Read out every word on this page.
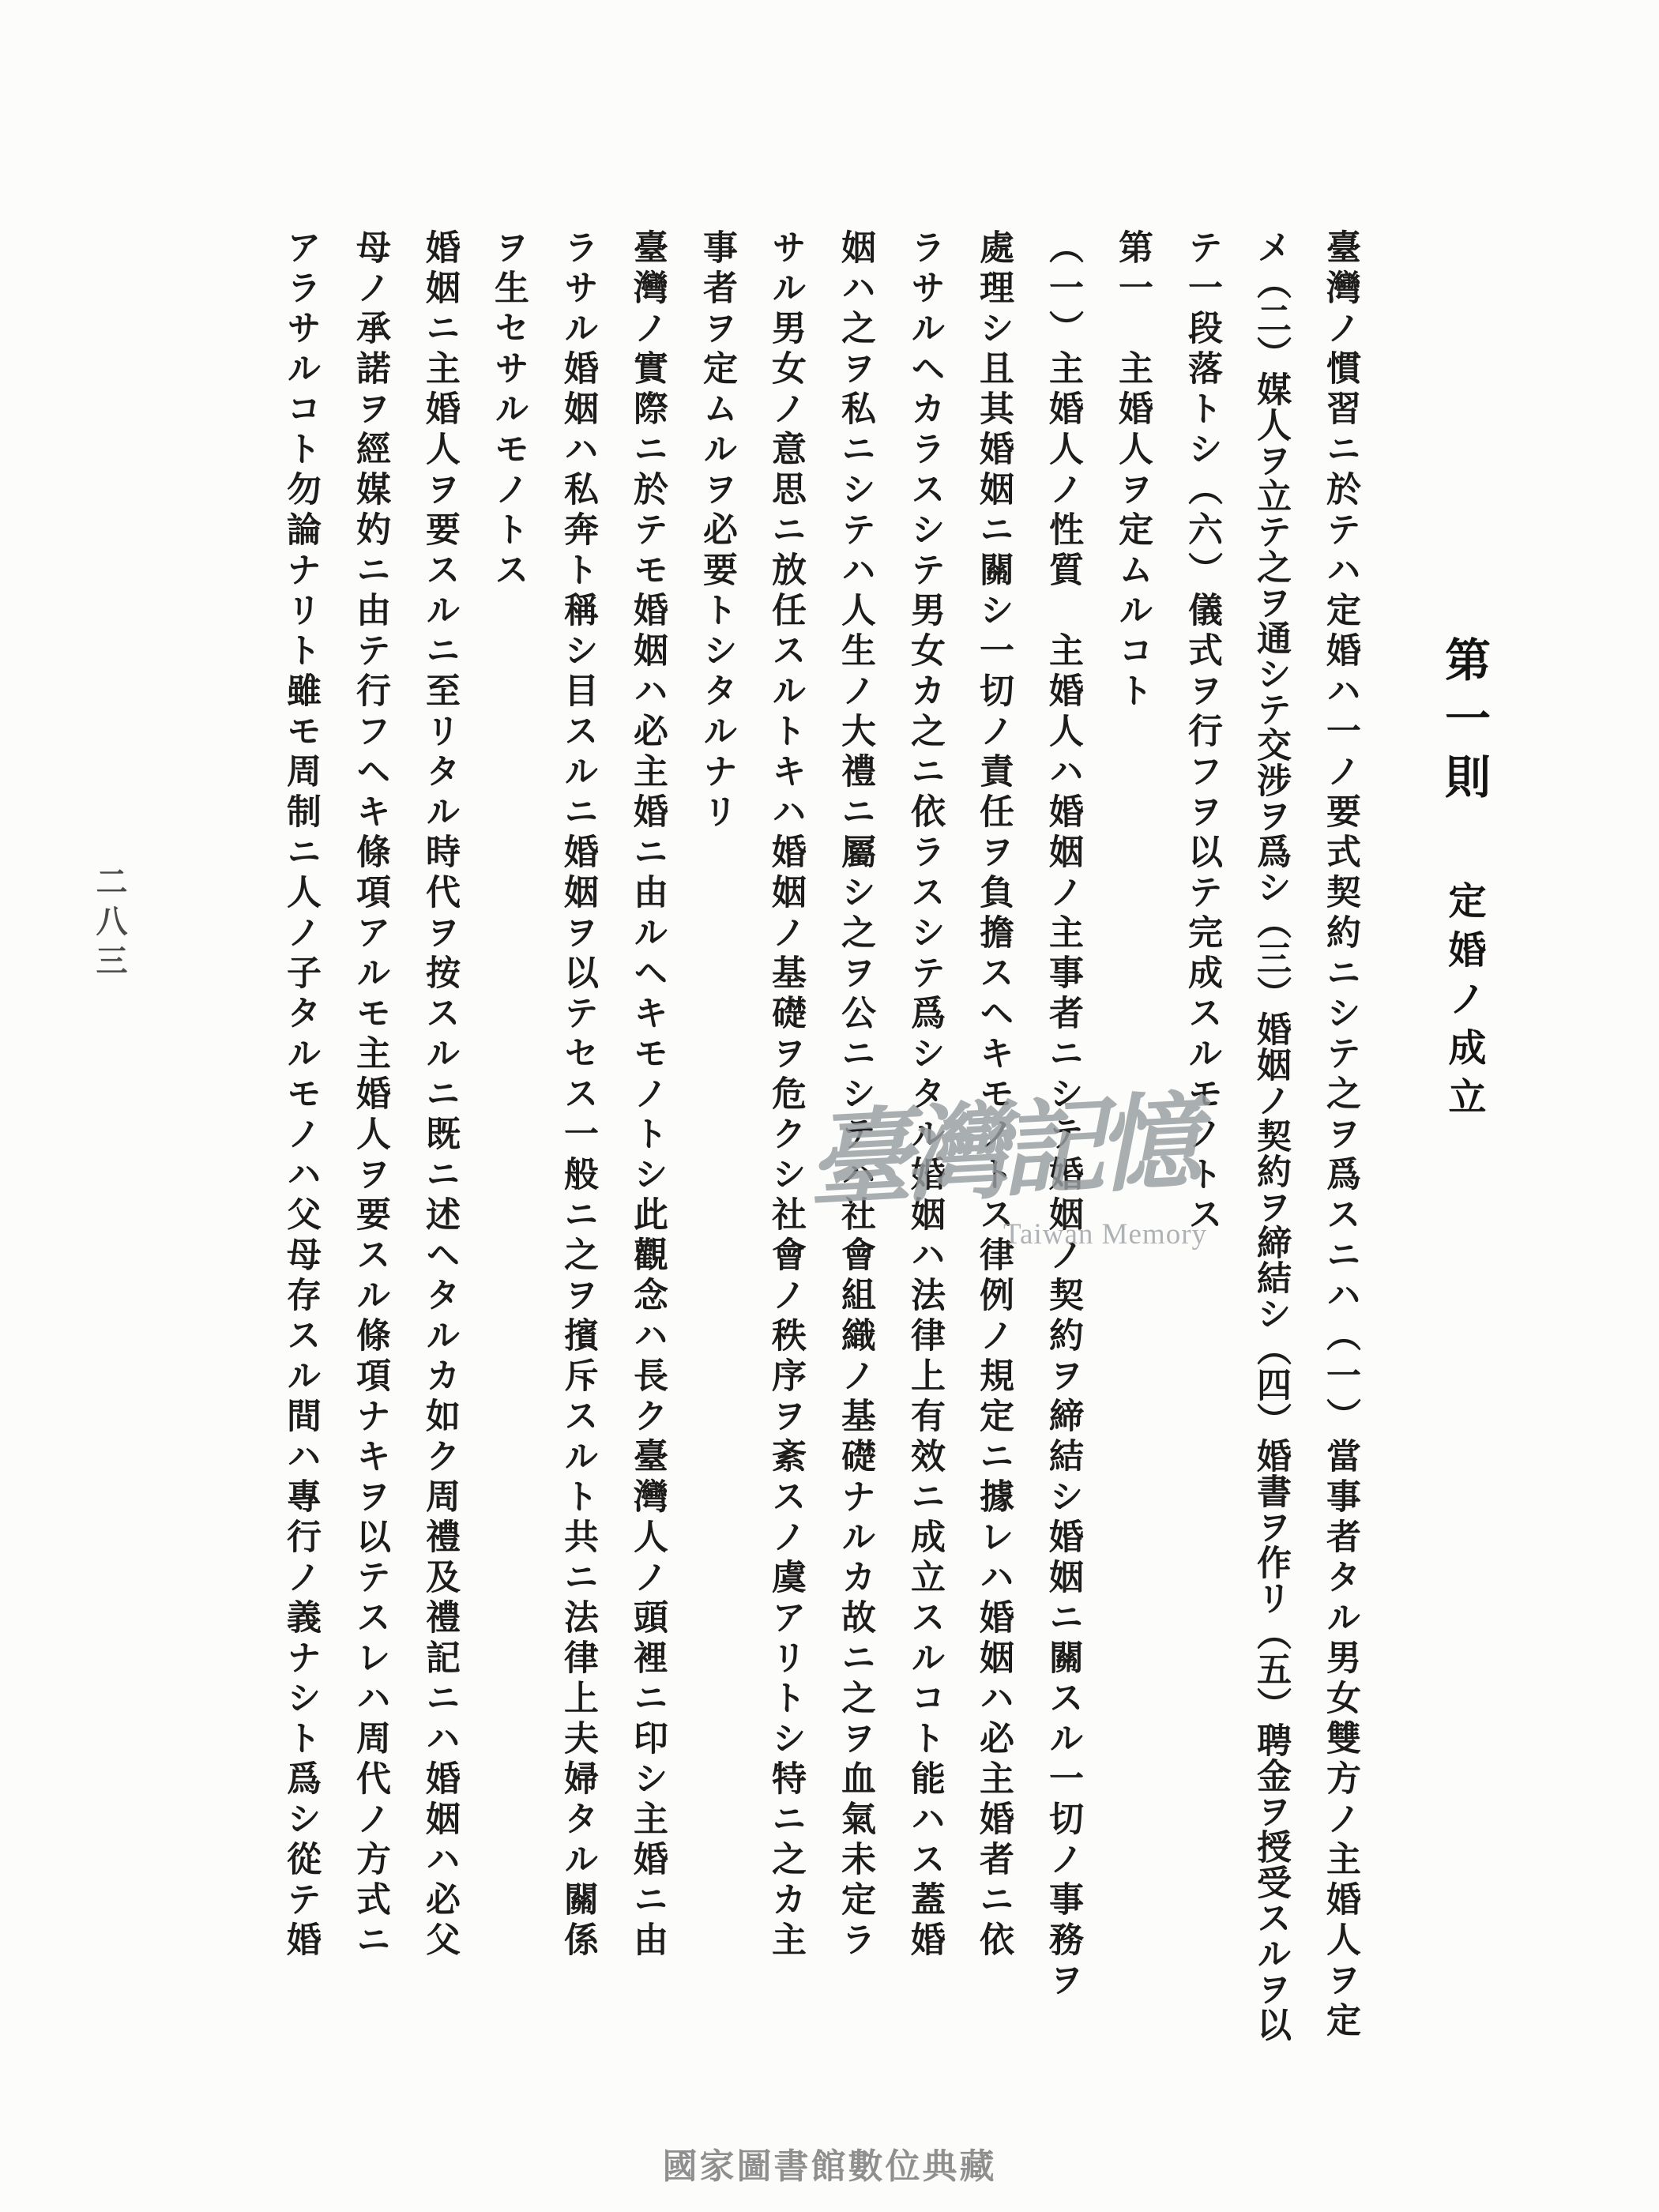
第一則
定婚ノ成立
臺灣ノ慣習ニ於テハ定婚ハ一ノ要式契約ニシテ之ヲ爲スニハ︵一︶當事者タル男女雙方ノ主婚人ヲ定
メ︵二︶媒人ヲ立テ之ヲ通シテ交涉ヲ爲シ︵三︶婚姻ノ契約ヲ締結シ︵四︶婚書ヲ作リ︵五︶聘金ヲ授受スルヲ以
テ一段落トシ︵六︶儀式ヲ行フヲ以テ完成スルモノトス
第一　主婚人ヲ定ムルコト
︵一︶主婚人ノ性質　主婚人ハ婚姻ノ主事者ニシテ婚姻ノ契約ヲ締結シ婚姻ニ關スル一切ノ事務ヲ
處理シ且其婚姻ニ關シ一切ノ責任ヲ負擔スヘキモノトス律例ノ規定ニ據レハ婚姻ハ必主婚者ニ依
ラサルヘカラスシテ男女カ之ニ依ラスシテ爲シタル婚姻ハ法律上有效ニ成立スルコト能ハス蓋婚
姻ハ之ヲ私ニシテハ人生ノ大禮ニ屬シ之ヲ公ニシテハ社會組織ノ基礎ナルカ故ニ之ヲ血氣未定ラ
サル男女ノ意思ニ放任スルトキハ婚姻ノ基礎ヲ危クシ社會ノ秩序ヲ紊スノ虞アリトシ特ニ之カ主
事者ヲ定ムルヲ必要トシタルナリ
臺灣ノ實際ニ於テモ婚姻ハ必主婚ニ由ルヘキモノトシ此觀念ハ長ク臺灣人ノ頭裡ニ印シ主婚ニ由
ラサル婚姻ハ私奔ト稱シ目スルニ婚姻ヲ以テセス一般ニ之ヲ擯斥スルト共ニ法律上夫婦タル關係
ヲ生セサルモノトス
婚姻ニ主婚人ヲ要スルニ至リタル時代ヲ按スルニ既ニ述ヘタルカ如ク周禮及禮記ニハ婚姻ハ必父
母ノ承諾ヲ經媒妁ニ由テ行フヘキ條項アルモ主婚人ヲ要スル條項ナキヲ以テスレハ周代ノ方式ニ
アラサルコト勿論ナリト雖モ周制ニ人ノ子タルモノハ父母存スル間ハ專行ノ義ナシト爲シ從テ婚
二八三
臺灣記憶
Taiwan Memory
國家圖書館數位典藏
